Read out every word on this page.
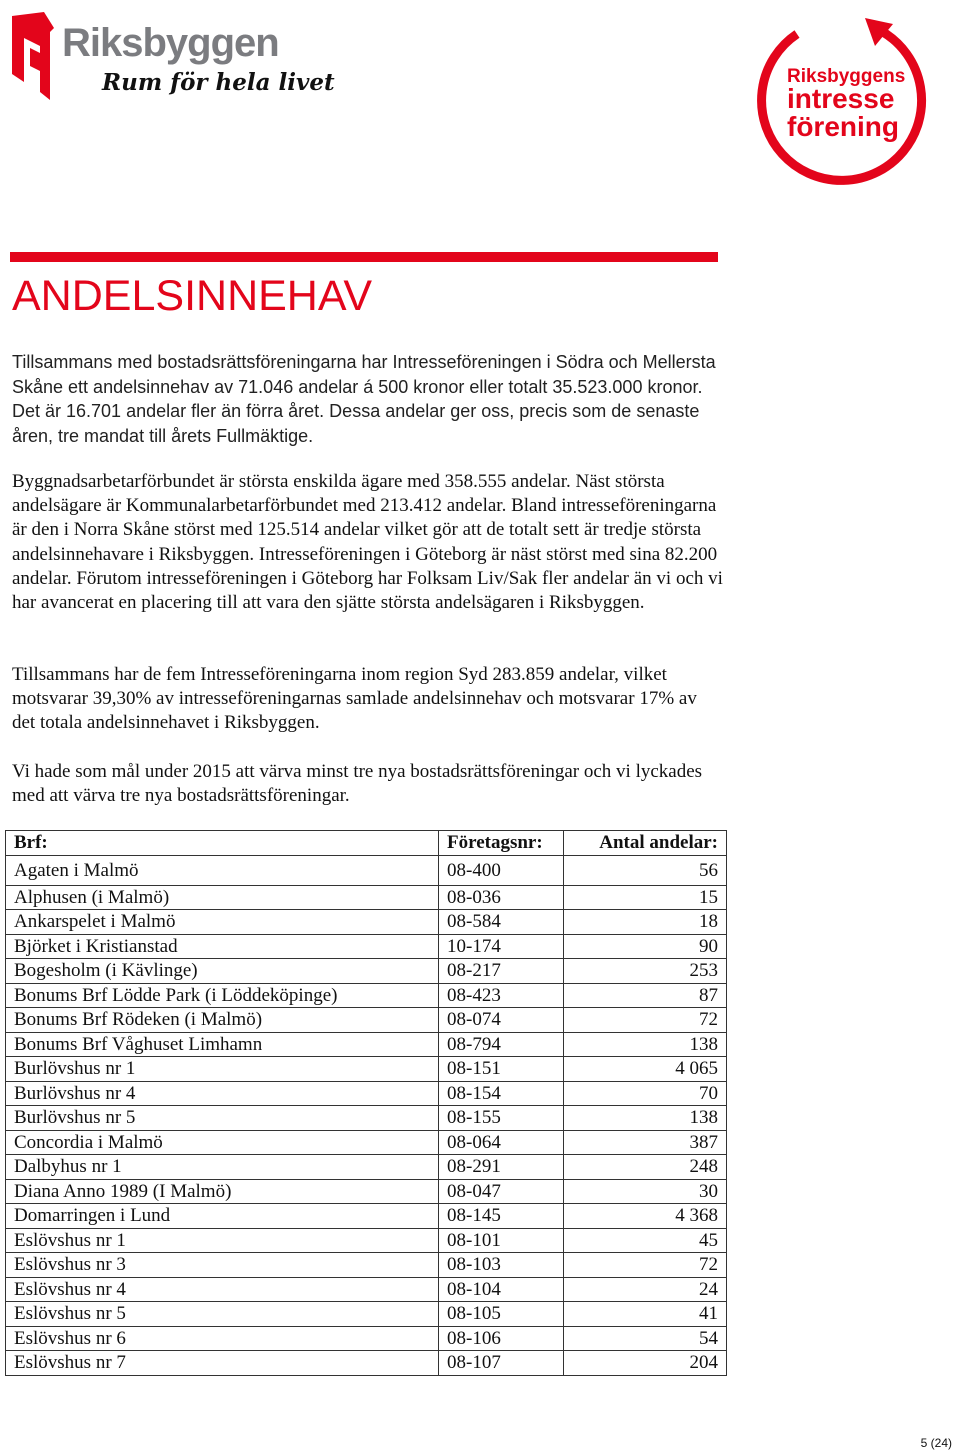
Riksbyggen
Rum för hela livet	Riksbyggens
intresse
förening
ANDELSINNEHAV

Tillsammans med bostadsrättsföreningarna har Intresseföreningen i Södra och Mellersta Skåne ett andelsinnehav av 71.046 andelar á 500 kronor eller totalt 35.523.000 kronor. Det är 16.701 andelar fler än förra året. Dessa andelar ger oss, precis som de senaste åren, tre mandat till årets Fullmäktige.

Byggnadsarbetarförbundet är största enskilda ägare med 358.555 andelar. Näst största andelsägare är Kommunalarbetarförbundet med 213.412 andelar. Bland intresseföreningarna är den i Norra Skåne störst med 125.514 andelar vilket gör att de totalt sett är tredje största andelsinnehavare i Riksbyggen. Intresseföreningen i Göteborg är näst störst med sina 82.200 andelar. Förutom intresseföreningen i Göteborg har Folksam Liv/Sak fler andelar än vi och vi har avancerat en placering till att vara den sjätte största andelsägaren i Riksbyggen.

Tillsammans har de fem Intresseföreningarna inom region Syd 283.859 andelar, vilket motsvarar 39,30% av intresseföreningarnas samlade andelsinnehav och motsvarar 17% av det totala andelsinnehavet i Riksbyggen.

Vi hade som mål under 2015 att värva minst tre nya bostadsrättsföreningar och vi lyckades med att värva tre nya bostadsrättsföreningar.

Brf:	Företagsnr:	Antal andelar:
Agaten i Malmö	08-400	56
Alphusen (i Malmö)	08-036	15
Ankarspelet i Malmö	08-584	18
Björket i Kristianstad	10-174	90
Bogesholm (i Kävlinge)	08-217	253
Bonums Brf Lödde Park (i Löddeköpinge)	08-423	87
Bonums Brf Rödeken (i Malmö)	08-074	72
Bonums Brf Våghuset Limhamn	08-794	138
Burlövshus nr 1	08-151	4 065
Burlövshus nr 4	08-154	70
Burlövshus nr 5	08-155	138
Concordia i Malmö	08-064	387
Dalbyhus nr 1	08-291	248
Diana Anno 1989 (I Malmö)	08-047	30
Domarringen i Lund	08-145	4 368
Eslövshus nr 1	08-101	45
Eslövshus nr 3	08-103	72
Eslövshus nr 4	08-104	24
Eslövshus nr 5	08-105	41
Eslövshus nr 6	08-106	54
Eslövshus nr 7	08-107	204
5 (24)
